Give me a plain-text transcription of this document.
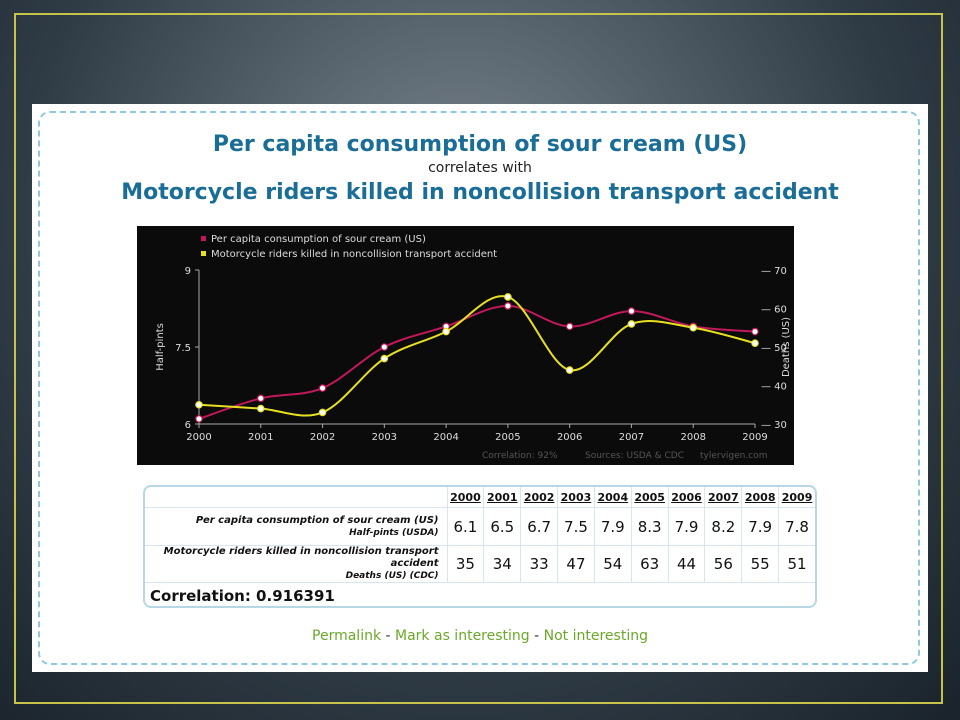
Per capita consumption of sour cream (US)
correlates with
Motorcycle riders killed in noncollision transport accident
6
7.5
9
— 30
— 40
— 50
— 60
— 70
2000	2001	2002	2003	2004	2005	2006	2007	2008	2009
Half-pints	Deaths (US)
Per capita consumption of sour cream (US)
Motorcycle riders killed in noncollision transport accident
Correlation: 92%	Sources: USDA & CDC tylervigen.com
	2000	2001	2002	2003	2004	2005	2006	2007	2008	2009

Per capita consumption of sour cream (US)
Half-pints (USDA)	6.1	6.5	6.7	7.5	7.9	8.3	7.9	8.2	7.9	7.8

Motorcycle riders killed in noncollision transport accident
Deaths (US) (CDC)	35	34	33	47	54	63	44	56	55	51
Correlation: 0.916391										
Permalink - Mark as interesting - Not interesting
